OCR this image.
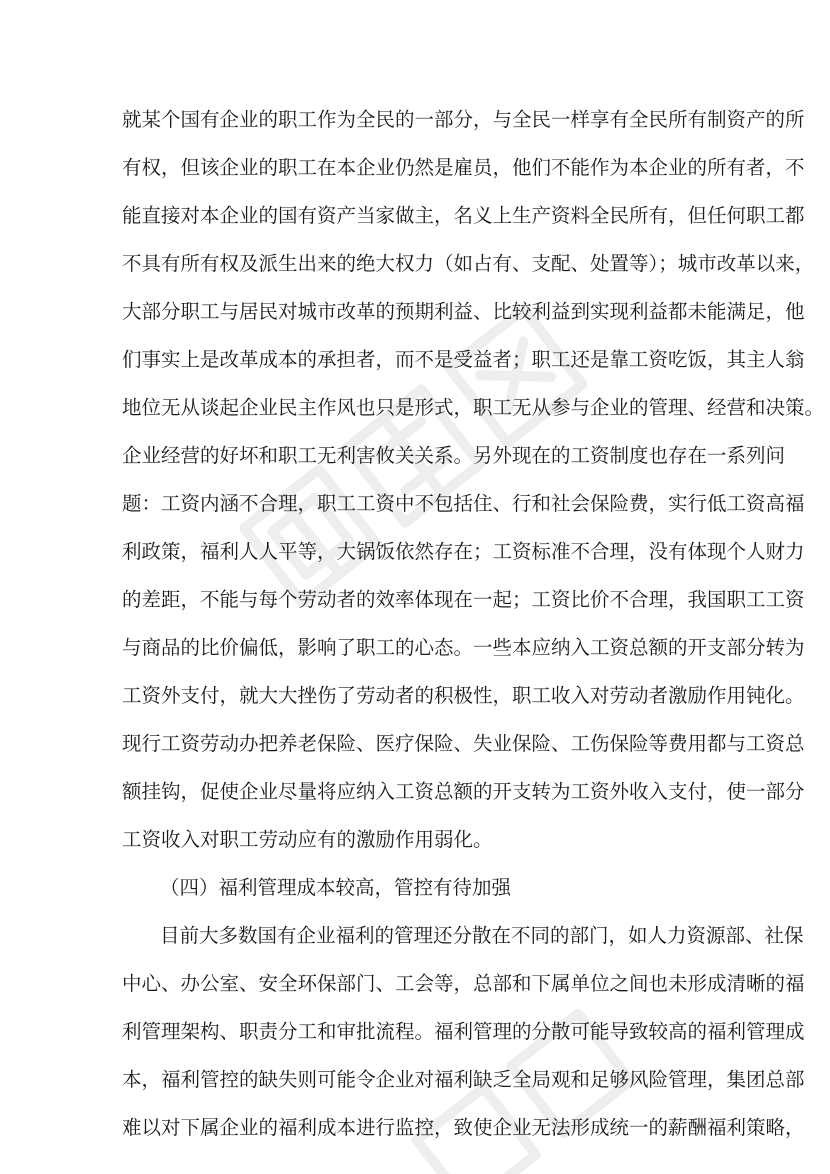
就某个国有企业的职工作为全民的一部分，与全民一样享有全民所有制资产的所
有权，但该企业的职工在本企业仍然是雇员，他们不能作为本企业的所有者，不
能直接对本企业的国有资产当家做主，名义上生产资料全民所有，但任何职工都
不具有所有权及派生出来的绝大权力（如占有、支配、处置等）；城市改革以来，
大部分职工与居民对城市改革的预期利益、比较利益到实现利益都未能满足，他
们事实上是改革成本的承担者，而不是受益者；职工还是靠工资吃饭，其主人翁
地位无从谈起企业民主作风也只是形式，职工无从参与企业的管理、经营和决策。
企业经营的好坏和职工无利害攸关关系。另外现在的工资制度也存在一系列问
题：工资内涵不合理，职工工资中不包括住、行和社会保险费，实行低工资高福
利政策，福利人人平等，大锅饭依然存在；工资标准不合理，没有体现个人财力
的差距，不能与每个劳动者的效率体现在一起；工资比价不合理，我国职工工资
与商品的比价偏低，影响了职工的心态。一些本应纳入工资总额的开支部分转为
工资外支付，就大大挫伤了劳动者的积极性，职工收入对劳动者激励作用钝化。
现行工资劳动办把养老保险、医疗保险、失业保险、工伤保险等费用都与工资总
额挂钩，促使企业尽量将应纳入工资总额的开支转为工资外收入支付，使一部分
工资收入对职工劳动应有的激励作用弱化。
（四）福利管理成本较高，管控有待加强
目前大多数国有企业福利的管理还分散在不同的部门，如人力资源部、社保
中心、办公室、安全环保部门、工会等，总部和下属单位之间也未形成清晰的福
利管理架构、职责分工和审批流程。福利管理的分散可能导致较高的福利管理成
本，福利管控的缺失则可能令企业对福利缺乏全局观和足够风险管理，集团总部
难以对下属企业的福利成本进行监控，致使企业无法形成统一的薪酬福利策略，
